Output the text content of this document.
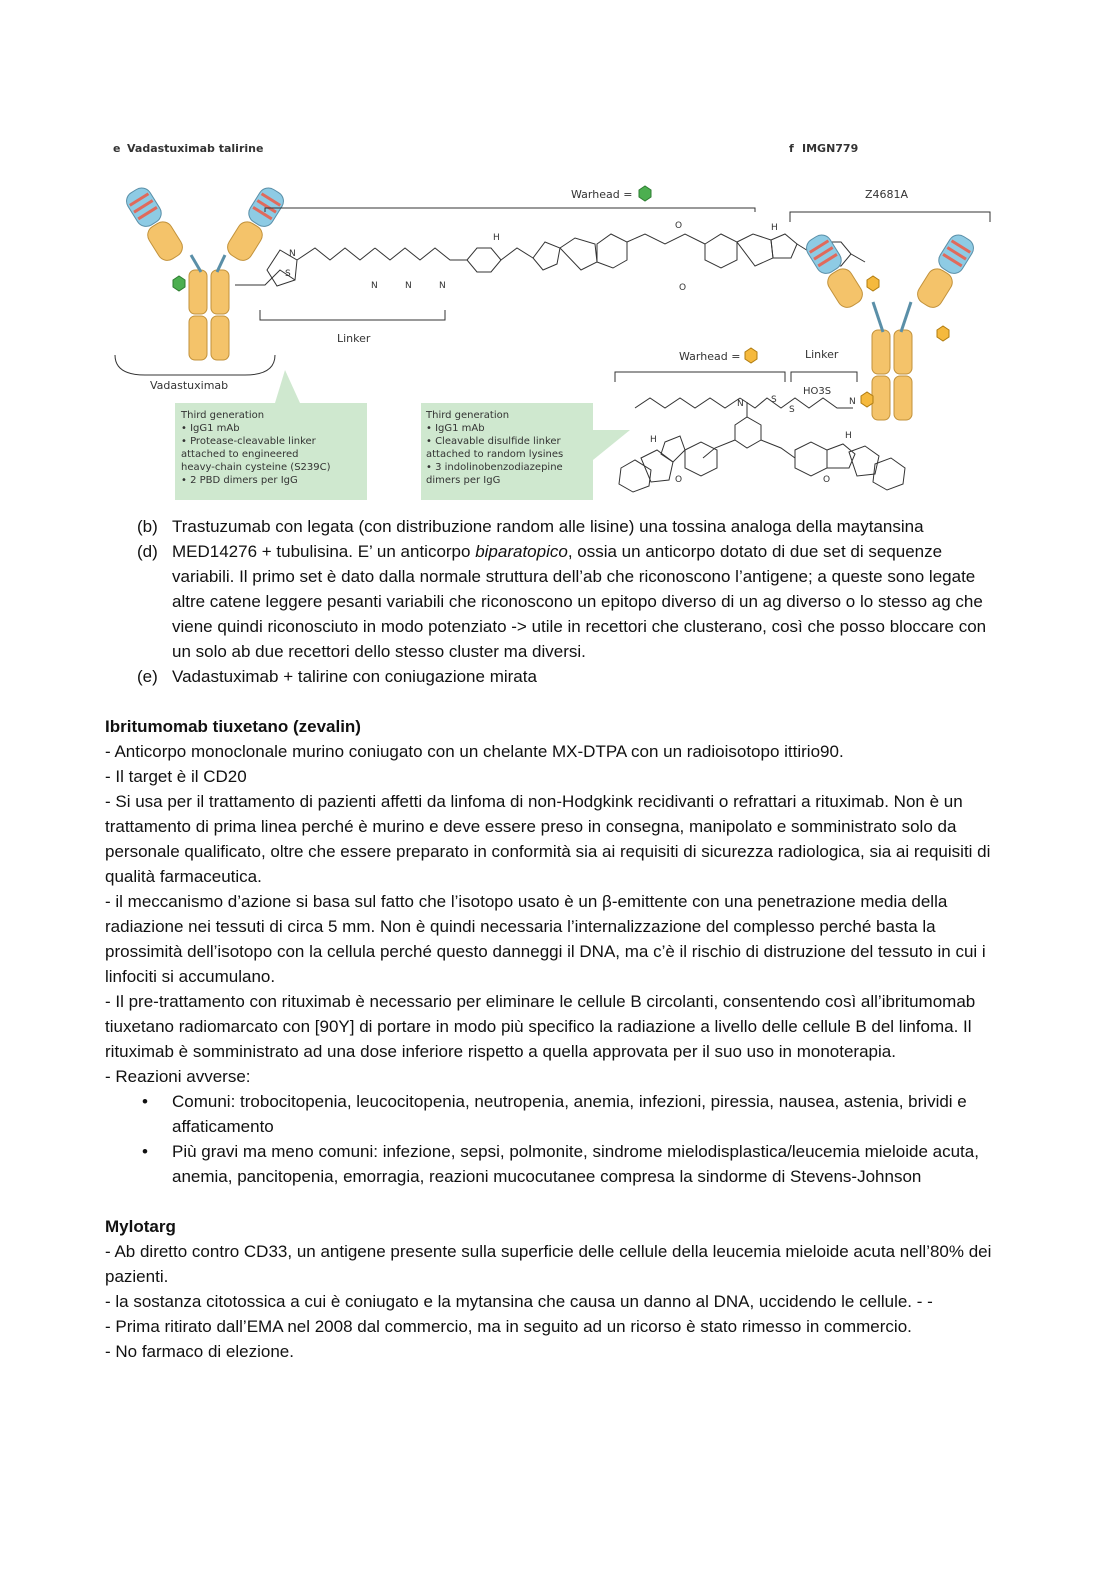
e Vadastuximab talirine
Vadastuximab
S
N
N	N	N
H
O
O
H
Warhead =
Linker
Third generation
• IgG1 mAb
• Protease-cleavable linker
attached to engineered
heavy-chain cysteine (S239C)
• 2 PBD dimers per IgG
Third generation
• IgG1 mAb
• Cleavable disulfide linker
attached to random lysines
• 3 indolinobenzodiazepine
dimers per IgG
f IMGN779
Z4681A
Warhead =	Linker
HO3S
N	S
S
N
H
O	O
H
(b) Trastuzumab con legata (con distribuzione random alle lisine) una tossina analoga della maytansina

(d) MED14276 + tubulisina. E’ un anticorpo biparatopico, ossia un anticorpo dotato di due set di sequenze variabili. Il primo set è dato dalla normale struttura dell’ab che riconoscono l’antigene; a queste sono legate altre catene leggere pesanti variabili che riconoscono un epitopo diverso di un ag diverso o lo stesso ag che viene quindi riconosciuto in modo potenziato -> utile in recettori che clusterano, così che posso bloccare con un solo ab due recettori dello stesso cluster ma diversi.

(e) Vadastuximab + talirine con coniugazione mirata

Ibritumomab tiuxetano (zevalin)

- Anticorpo monoclonale murino coniugato con un chelante MX-DTPA con un radioisotopo ittirio90.

- Il target è il CD20

- Si usa per il trattamento di pazienti affetti da linfoma di non-Hodgkink recidivanti o refrattari a rituximab. Non è un trattamento di prima linea perché è murino e deve essere preso in consegna, manipolato e somministrato solo da personale qualificato, oltre che essere preparato in conformità sia ai requisiti di sicurezza radiologica, sia ai requisiti di qualità farmaceutica.

- il meccanismo d’azione si basa sul fatto che l’isotopo usato è un β-emittente con una penetrazione media della radiazione nei tessuti di circa 5 mm. Non è quindi necessaria l’internalizzazione del complesso perché basta la prossimità dell’isotopo con la cellula perché questo danneggi il DNA, ma c’è il rischio di distruzione del tessuto in cui i linfociti si accumulano.

- Il pre-trattamento con rituximab è necessario per eliminare le cellule B circolanti, consentendo così all’ibritumomab tiuxetano radiomarcato con [90Y] di portare in modo più specifico la radiazione a livello delle cellule B del linfoma. Il rituximab è somministrato ad una dose inferiore rispetto a quella approvata per il suo uso in monoterapia.

- Reazioni avverse:

• Comuni: trobocitopenia, leucocitopenia, neutropenia, anemia, infezioni, piressia, nausea, astenia, brividi e affaticamento

• Più gravi ma meno comuni: infezione, sepsi, polmonite, sindrome mielodisplastica/leucemia mieloide acuta, anemia, pancitopenia, emorragia, reazioni mucocutanee compresa la sindorme di Stevens-Johnson

Mylotarg

- Ab diretto contro CD33, un antigene presente sulla superficie delle cellule della leucemia mieloide acuta nell’80% dei pazienti.

- la sostanza citotossica a cui è coniugato e la mytansina che causa un danno al DNA, uccidendo le cellule. - -

- Prima ritirato dall’EMA nel 2008 dal commercio, ma in seguito ad un ricorso è stato rimesso in commercio.

- No farmaco di elezione.
